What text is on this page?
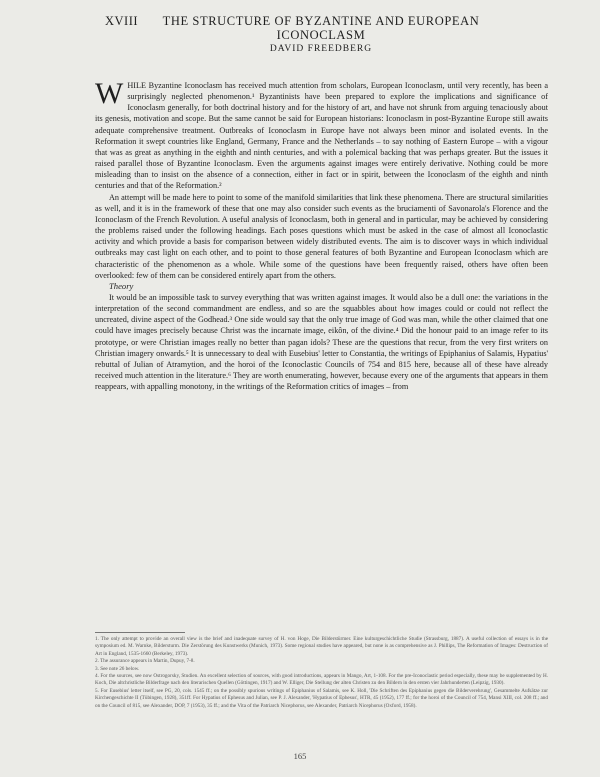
XVIII	THE STRUCTURE OF BYZANTINE AND EUROPEAN ICONOCLASM
DAVID FREEDBERG

WHILE Byzantine Iconoclasm has received much attention from scholars, European Iconoclasm, until very recently, has been a surprisingly neglected phenomenon.¹ Byzantinists have been prepared to explore the implications and significance of Iconoclasm generally, for both doctrinal history and for the history of art, and have not shrunk from arguing tenaciously about its genesis, motivation and scope. But the same cannot be said for European historians: Iconoclasm in post-Byzantine Europe still awaits adequate comprehensive treatment. Outbreaks of Iconoclasm in Europe have not always been minor and isolated events. In the Reformation it swept countries like England, Germany, France and the Netherlands – to say nothing of Eastern Europe – with a vigour that was as great as anything in the eighth and ninth centuries, and with a polemical backing that was perhaps greater. But the issues it raised parallel those of Byzantine Iconoclasm. Even the arguments against images were entirely derivative. Nothing could be more misleading than to insist on the absence of a connection, either in fact or in spirit, between the Iconoclasm of the eighth and ninth centuries and that of the Reformation.²

An attempt will be made here to point to some of the manifold similarities that link these phenomena. There are structural similarities as well, and it is in the framework of these that one may also consider such events as the bruciamenti of Savonarola's Florence and the Iconoclasm of the French Revolution. A useful analysis of Iconoclasm, both in general and in particular, may be achieved by considering the problems raised under the following headings. Each poses questions which must be asked in the case of almost all Iconoclastic activity and which provide a basis for comparison between widely distributed events. The aim is to discover ways in which individual outbreaks may cast light on each other, and to point to those general features of both Byzantine and European Iconoclasm which are characteristic of the phenomenon as a whole. While some of the questions have been frequently raised, others have often been overlooked: few of them can be considered entirely apart from the others.

Theory

It would be an impossible task to survey everything that was written against images. It would also be a dull one: the variations in the interpretation of the second commandment are endless, and so are the squabbles about how images could or could not reflect the uncreated, divine aspect of the Godhead.³ One side would say that the only true image of God was man, while the other claimed that one could have images precisely because Christ was the incarnate image, eikôn, of the divine.⁴ Did the honour paid to an image refer to its prototype, or were Christian images really no better than pagan idols? These are the questions that recur, from the very first writers on Christian imagery onwards.⁵ It is unnecessary to deal with Eusebius' letter to Constantia, the writings of Epiphanius of Salamis, Hypatius' rebuttal of Julian of Atramytion, and the horoi of the Iconoclastic Councils of 754 and 815 here, because all of these have already received much attention in the literature.⁶ They are worth enumerating, however, because every one of the arguments that appears in them reappears, with appalling monotony, in the writings of the Reformation critics of images – from

1. The only attempt to provide an overall view is the brief and inadequate survey of H. von Hoge, Die Bilderstürmer. Eine kulturgeschichtliche Studie (Strassburg, 1887). A useful collection of essays is in the symposium ed. M. Warnke, Bildersturm. Die Zerstörung des Kunstwerks (Munich, 1973). Some regional studies have appeared, but none is as comprehensive as J. Phillips, The Reformation of Images: Destruction of Art in England, 1535-1660 (Berkeley, 1973).

2. The assurance appears in Martin, Dupuy, 7-8.

3. See note 26 below.

4. For the sources, see now Ostrogorsky, Studien. An excellent selection of sources, with good introductions, appears in Mango, Art, 1-108. For the pre-Iconoclastic period especially, these may be supplemented by H. Koch, Die altchristliche Bilderfrage nach den literarischen Quellen (Göttingen, 1917) and W. Elliger, Die Stellung der alten Christen zu den Bildern in den ersten vier Jahrhunderten (Leipzig, 1930).

5. For Eusebius' letter itself, see PG, 20, cols. 1545 ff.; on the possibly spurious writings of Epiphanius of Salamis, see K. Holl, 'Die Schriften des Epiphanius gegen die Bilderverehrung', Gesammelte Aufsätze zur Kirchengeschichte II (Tübingen, 1928), 351ff. For Hypatius of Ephesus and Julian, see P. J. Alexander, 'Hypatius of Ephesus', HTR, 45 (1952), 177 ff.; for the horoi of the Council of 754, Mansi XIII, col. 208 ff.; and on the Council of 815, see Alexander, DOP, 7 (1953), 35 ff.; and the Vita of the Patriarch Nicephorus, see Alexander, Patriarch Nicephorus (Oxford, 1958).

165
